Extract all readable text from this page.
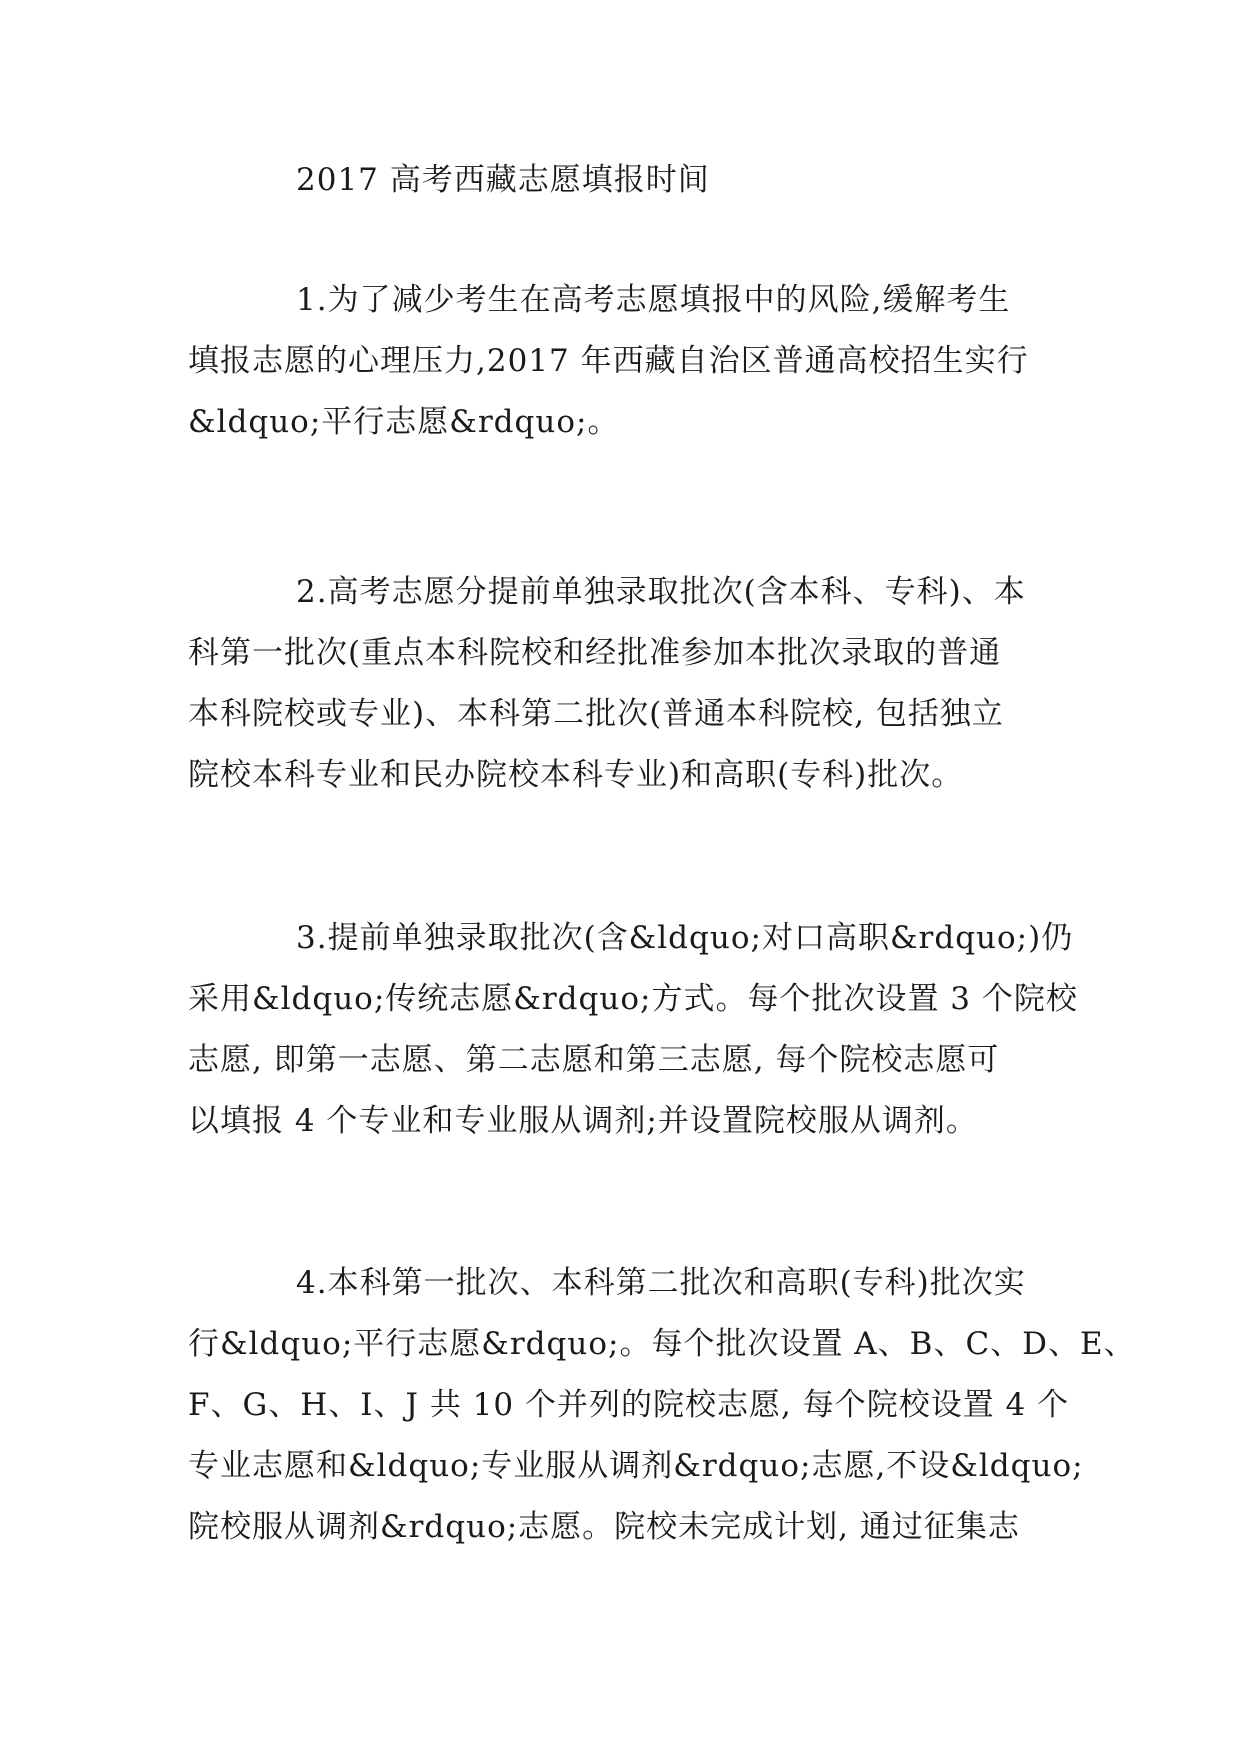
2017 高考西藏志愿填报时间
1.为了减少考生在高考志愿填报中的风险,缓解考生
填报志愿的心理压力,2017 年西藏自治区普通高校招生实行
&ldquo;平行志愿&rdquo;。
2.高考志愿分提前单独录取批次(含本科、专科)、本
科第一批次(重点本科院校和经批准参加本批次录取的普通
本科院校或专业)、本科第二批次(普通本科院校, 包括独立
院校本科专业和民办院校本科专业)和高职(专科)批次。
3.提前单独录取批次(含&ldquo;对口高职&rdquo;)仍
采用&ldquo;传统志愿&rdquo;方式。每个批次设置 3 个院校
志愿, 即第一志愿、第二志愿和第三志愿, 每个院校志愿可
以填报 4 个专业和专业服从调剂;并设置院校服从调剂。
4.本科第一批次、本科第二批次和高职(专科)批次实
行&ldquo;平行志愿&rdquo;。每个批次设置 A、B、C、D、E、
F、G、H、I、J 共 10 个并列的院校志愿, 每个院校设置 4 个
专业志愿和&ldquo;专业服从调剂&rdquo;志愿,不设&ldquo;
院校服从调剂&rdquo;志愿。院校未完成计划, 通过征集志
